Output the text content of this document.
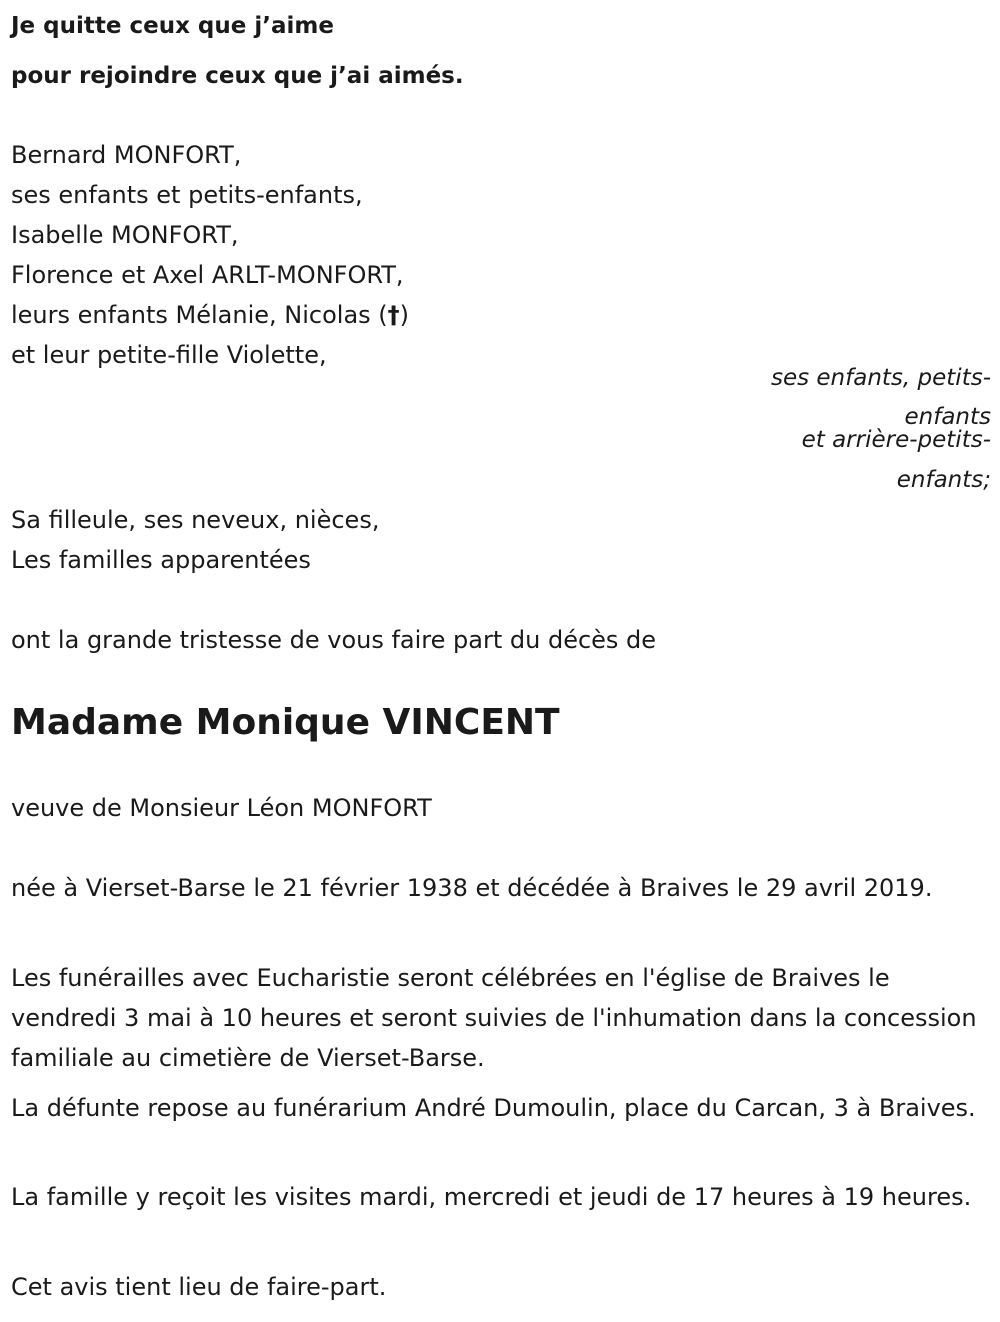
Je quitte ceux que j’aime
pour rejoindre ceux que j’ai aimés.
Bernard MONFORT,
ses enfants et petits-enfants,
Isabelle MONFORT,
Florence et Axel ARLT-MONFORT,
leurs enfants Mélanie, Nicolas (†)
et leur petite-fille Violette,
ses enfants, petits-
enfants
et arrière-petits-
enfants;
Sa filleule, ses neveux, nièces,
Les familles apparentées
ont la grande tristesse de vous faire part du décès de
Madame Monique VINCENT
veuve de Monsieur Léon MONFORT
née à Vierset-Barse le 21 février 1938 et décédée à Braives le 29 avril 2019.
Les funérailles avec Eucharistie seront célébrées en l'église de Braives le vendredi 3 mai à 10 heures et seront suivies de l'inhumation dans la concession familiale au cimetière de Vierset-Barse.
La défunte repose au funérarium André Dumoulin, place du Carcan, 3 à Braives.
La famille y reçoit les visites mardi, mercredi et jeudi de 17 heures à 19 heures.
Cet avis tient lieu de faire-part.
